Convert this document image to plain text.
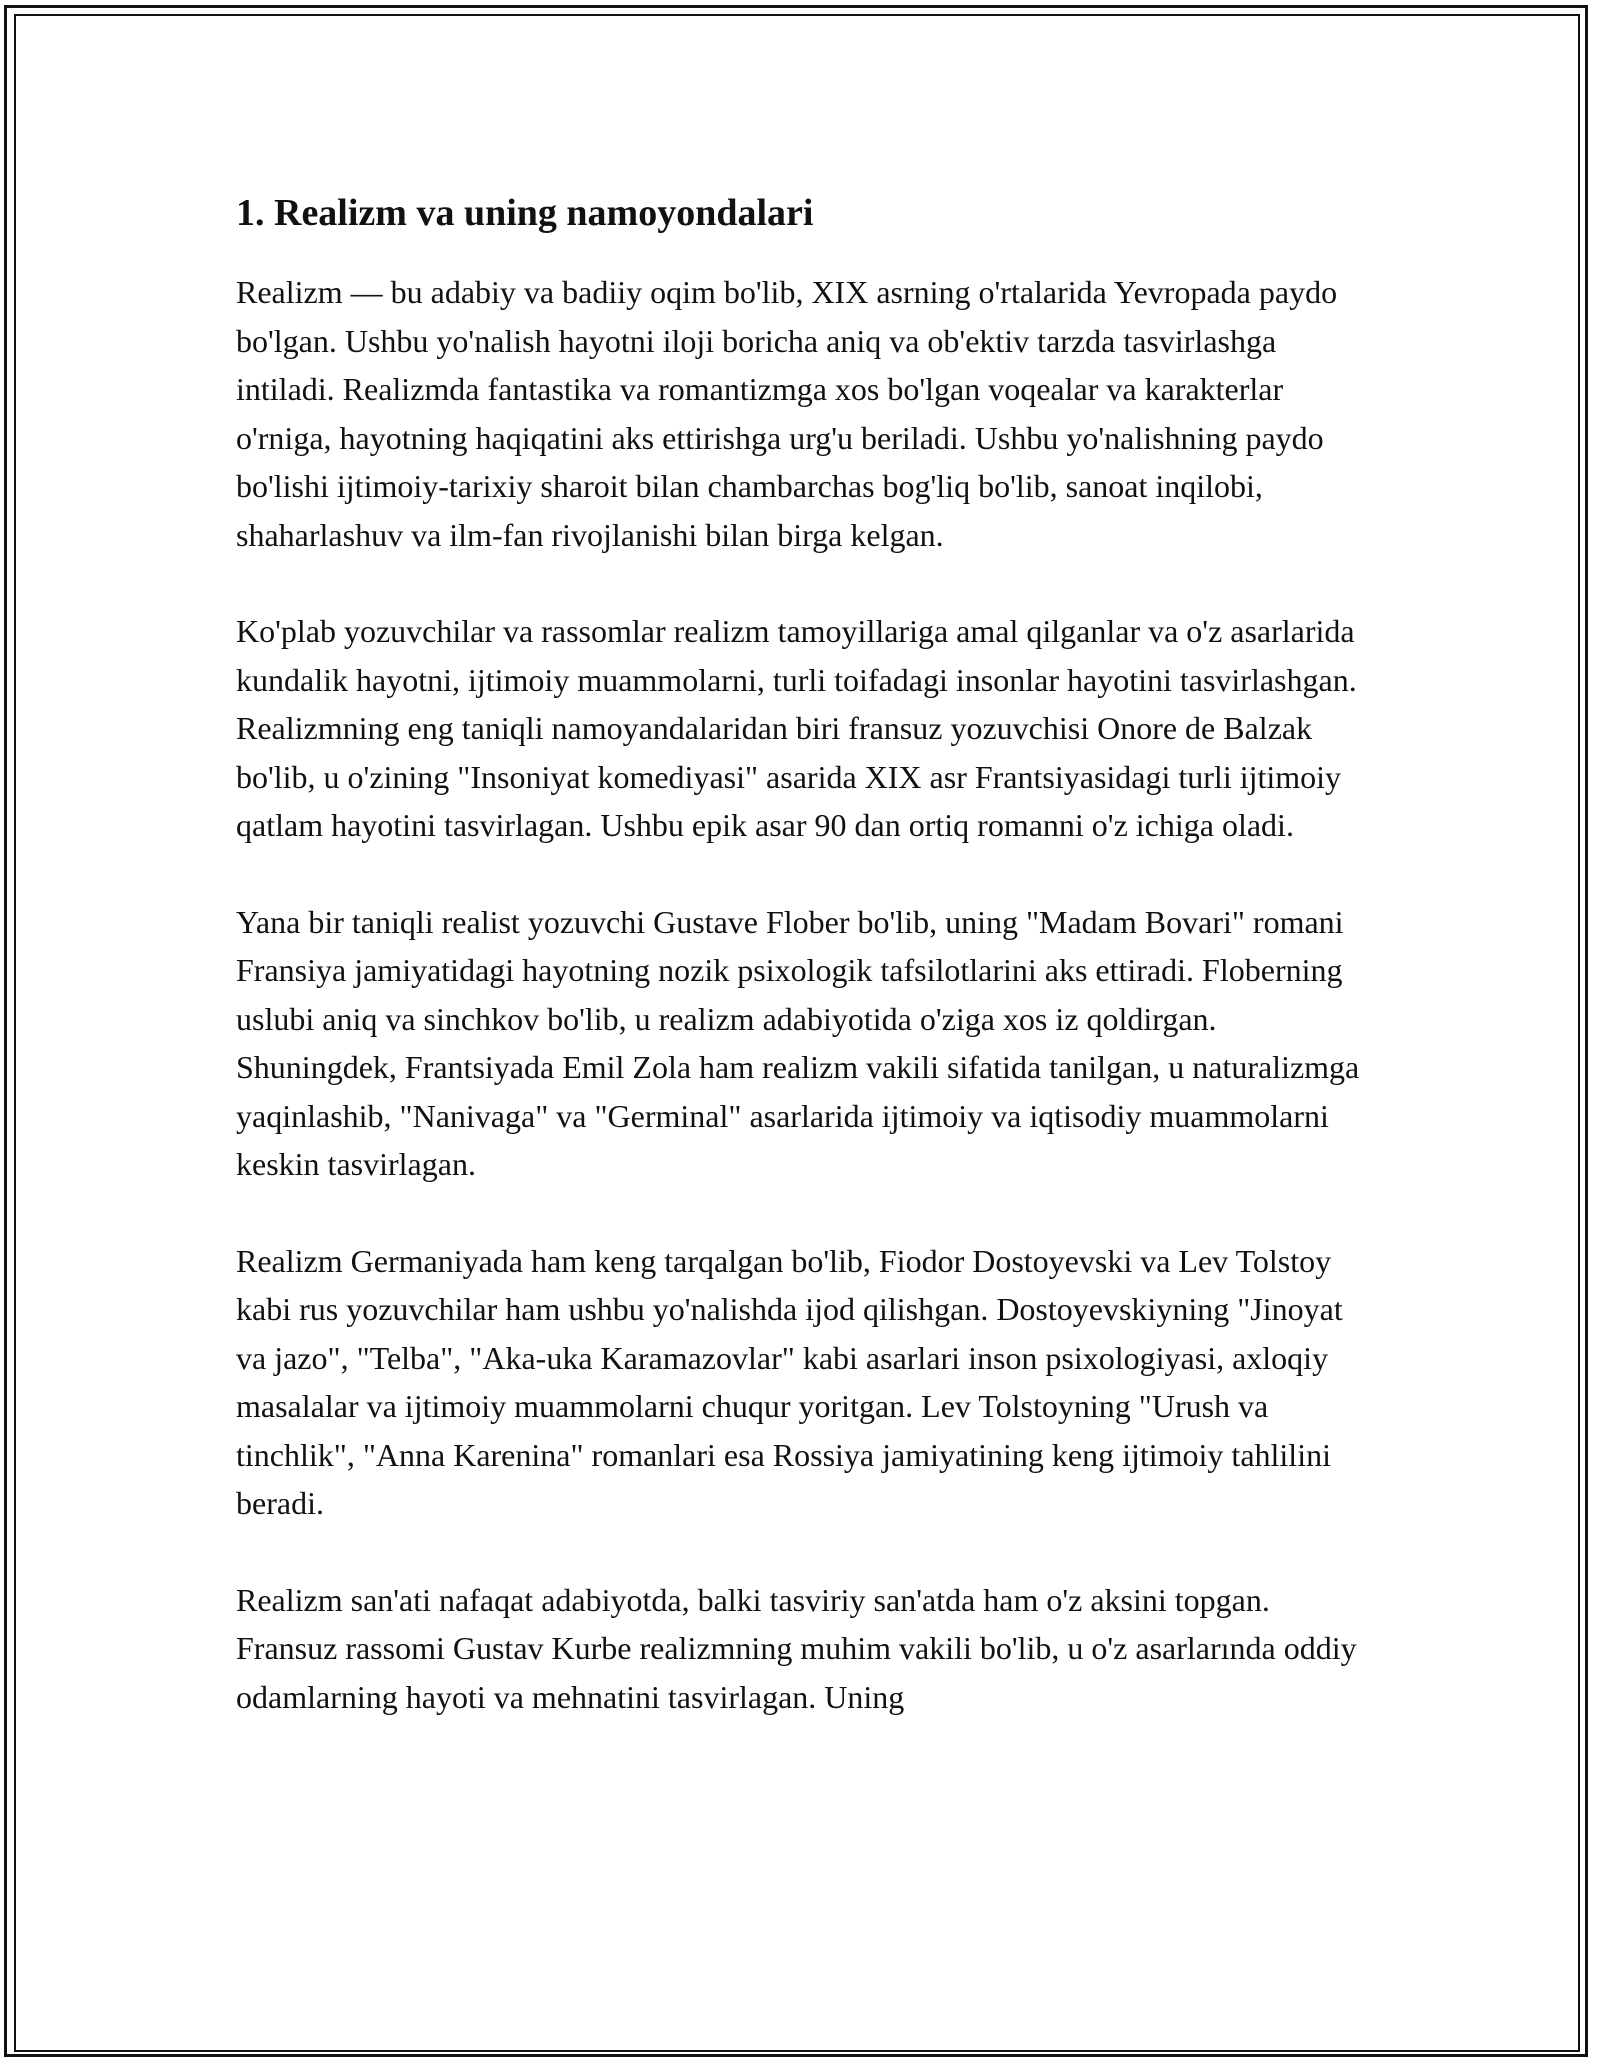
1. Realizm va uning namoyondalari

Realizm — bu adabiy va badiiy oqim bo'lib, XIX asrning o'rtalarida Yevropada paydo bo'lgan. Ushbu yo'nalish hayotni iloji boricha aniq va ob'ektiv tarzda tasvirlashga intiladi. Realizmda fantastika va romantizmga xos bo'lgan voqealar va karakterlar o'rniga, hayotning haqiqatini aks ettirishga urg'u beriladi. Ushbu yo'nalishning paydo bo'lishi ijtimoiy-tarixiy sharoit bilan chambarchas bog'liq bo'lib, sanoat inqilobi, shaharlashuv va ilm-fan rivojlanishi bilan birga kelgan.

Ko'plab yozuvchilar va rassomlar realizm tamoyillariga amal qilganlar va o'z asarlarida kundalik hayotni, ijtimoiy muammolarni, turli toifadagi insonlar hayotini tasvirlashgan. Realizmning eng taniqli namoyandalaridan biri fransuz yozuvchisi Onore de Balzak bo'lib, u o'zining "Insoniyat komediyasi" asarida XIX asr Frantsiyasidagi turli ijtimoiy qatlam hayotini tasvirlagan. Ushbu epik asar 90 dan ortiq romanni o'z ichiga oladi.

Yana bir taniqli realist yozuvchi Gustave Flober bo'lib, uning "Madam Bovari" romani Fransiya jamiyatidagi hayotning nozik psixologik tafsilotlarini aks ettiradi. Floberning uslubi aniq va sinchkov bo'lib, u realizm adabiyotida o'ziga xos iz qoldirgan. Shuningdek, Frantsiyada Emil Zola ham realizm vakili sifatida tanilgan, u naturalizmga yaqinlashib, "Nanivaga" va "Germinal" asarlarida ijtimoiy va iqtisodiy muammolarni keskin tasvirlagan.

Realizm Germaniyada ham keng tarqalgan bo'lib, Fiodor Dostoyevski va Lev Tolstoy kabi rus yozuvchilar ham ushbu yo'nalishda ijod qilishgan. Dostoyevskiyning "Jinoyat va jazo", "Telba", "Aka-uka Karamazovlar" kabi asarlari inson psixologiyasi, axloqiy masalalar va ijtimoiy muammolarni chuqur yoritgan. Lev Tolstoyning "Urush va tinchlik", "Anna Karenina" romanlari esa Rossiya jamiyatining keng ijtimoiy tahlilini beradi.

Realizm san'ati nafaqat adabiyotda, balki tasviriy san'atda ham o'z aksini topgan. Fransuz rassomi Gustav Kurbe realizmning muhim vakili bo'lib, u o'z asarlarında oddiy odamlarning hayoti va mehnatini tasvirlagan. Uning
